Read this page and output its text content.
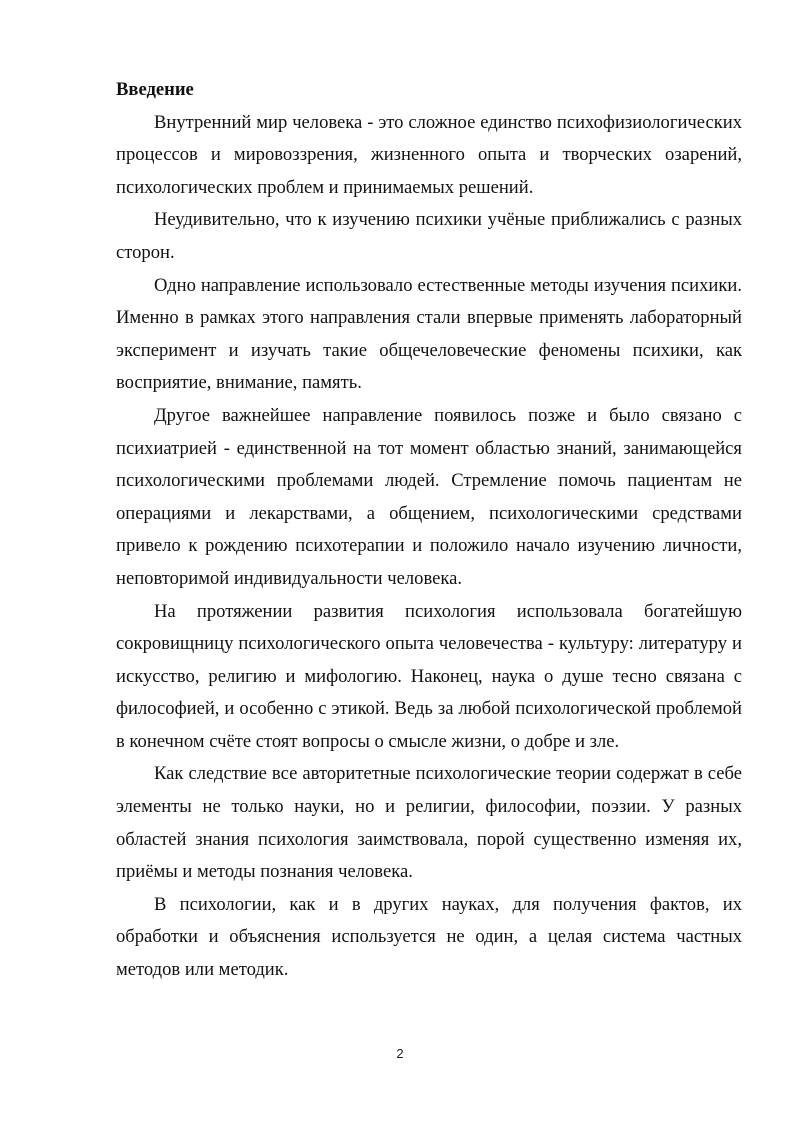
Введение

Внутренний мир человека - это сложное единство психофизиологических процессов и мировоззрения, жизненного опыта и творческих озарений, психологических проблем и принимаемых решений.

Неудивительно, что к изучению психики учёные приближались с разных сторон.

Одно направление использовало естественные методы изучения психики. Именно в рамках этого направления стали впервые применять лабораторный эксперимент и изучать такие общечеловеческие феномены психики, как восприятие, внимание, память.

Другое важнейшее направление появилось позже и было связано с психиатрией - единственной на тот момент областью знаний, занимающейся психологическими проблемами людей. Стремление помочь пациентам не операциями и лекарствами, а общением, психологическими средствами привело к рождению психотерапии и положило начало изучению личности, неповторимой индивидуальности человека.

На протяжении развития психология использовала богатейшую сокровищницу психологического опыта человечества - культуру: литературу и искусство, религию и мифологию. Наконец, наука о душе тесно связана с философией, и особенно с этикой. Ведь за любой психологической проблемой в конечном счёте стоят вопросы о смысле жизни, о добре и зле.

Как следствие все авторитетные психологические теории содержат в себе элементы не только науки, но и религии, философии, поэзии. У разных областей знания психология заимствовала, порой существенно изменяя их, приёмы и методы познания человека.

В психологии, как и в других науках, для получения фактов, их обработки и объяснения используется не один, а целая система частных методов или методик.

2
